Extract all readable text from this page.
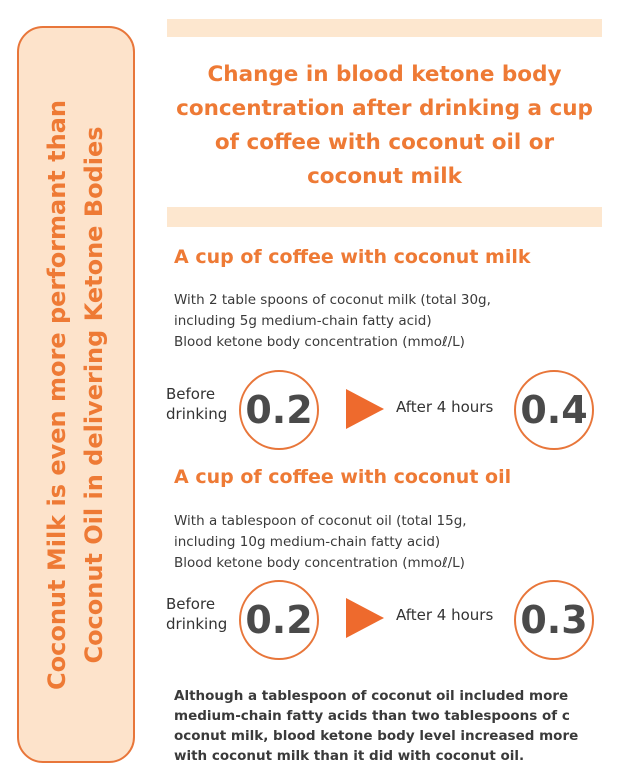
Coconut Milk is even more performant than Coconut Oil in delivering Ketone Bodies
Change in blood ketone body concentration after drinking a cup of coffee with coconut oil or coconut milk
A cup of coffee with coconut milk
With 2 table spoons of coconut milk (total 30g,
including 5g medium-chain fatty acid)
Blood ketone body concentration (mmoℓ/L)
Before
drinking 0.2	After 4 hours 0.4
A cup of coffee with coconut oil
With a tablespoon of coconut oil (total 15g,
including 10g medium-chain fatty acid)
Blood ketone body concentration (mmoℓ/L)
Before
drinking 0.2	After 4 hours 0.3
Although a tablespoon of coconut oil included more
medium-chain fatty acids than two tablespoons of c
oconut milk, blood ketone body level increased more
with coconut milk than it did with coconut oil.
